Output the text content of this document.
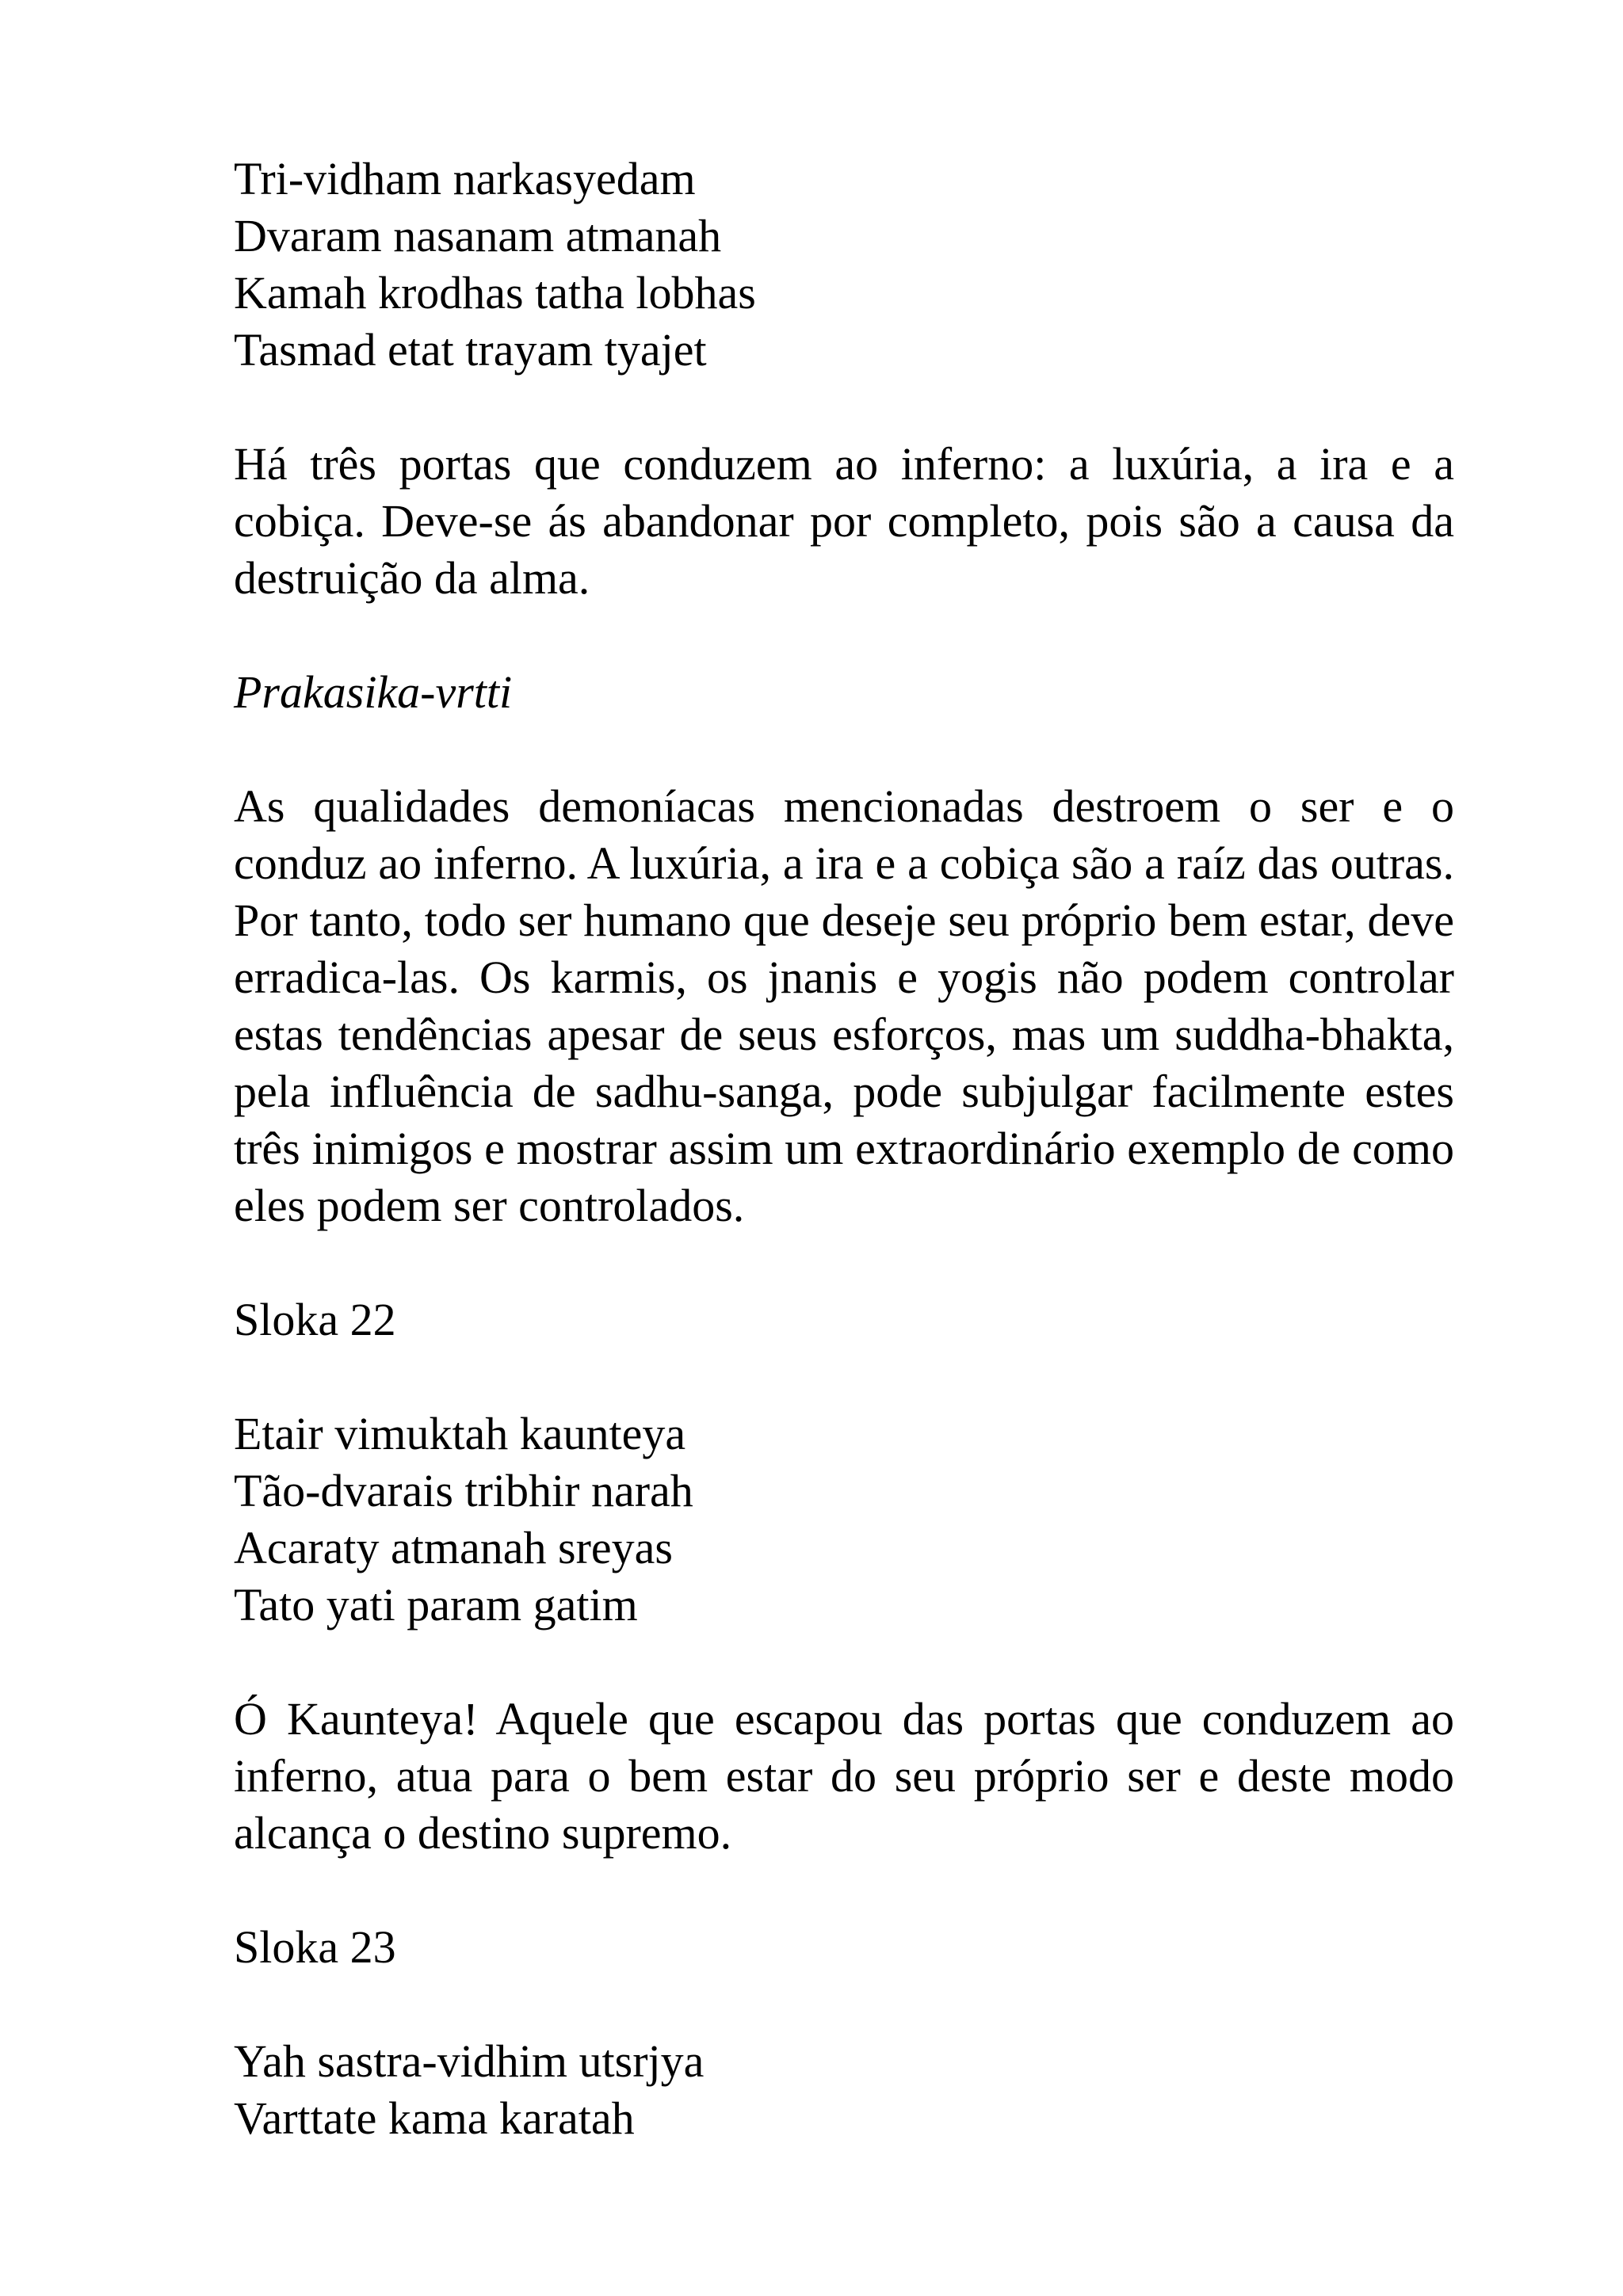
Tri-vidham narkasyedam
Dvaram nasanam atmanah
Kamah krodhas tatha lobhas
Tasmad etat trayam tyajet

Há três portas que conduzem ao inferno: a luxúria, a ira e a cobiça. Deve-se ás abandonar por completo, pois são a causa da destruição da alma.

Prakasika-vrtti

As qualidades demoníacas mencionadas destroem o ser e o conduz ao inferno. A luxúria, a ira e a cobiça são a raíz das outras. Por tanto, todo ser humano que deseje seu próprio bem estar, deve erradica-las. Os karmis, os jnanis e yogis não podem controlar estas tendências apesar de seus esforços, mas um suddha-bhakta, pela influência de sadhu-sanga, pode subjulgar facilmente estes três inimigos e mostrar assim um extraordinário exemplo de como eles podem ser controlados.

Sloka 22

Etair vimuktah kaunteya
Tão-dvarais tribhir narah
Acaraty atmanah sreyas
Tato yati param gatim

Ó Kaunteya! Aquele que escapou das portas que conduzem ao inferno, atua para o bem estar do seu próprio ser e deste modo alcança o destino supremo.

Sloka 23

Yah sastra-vidhim utsrjya
Varttate kama karatah
